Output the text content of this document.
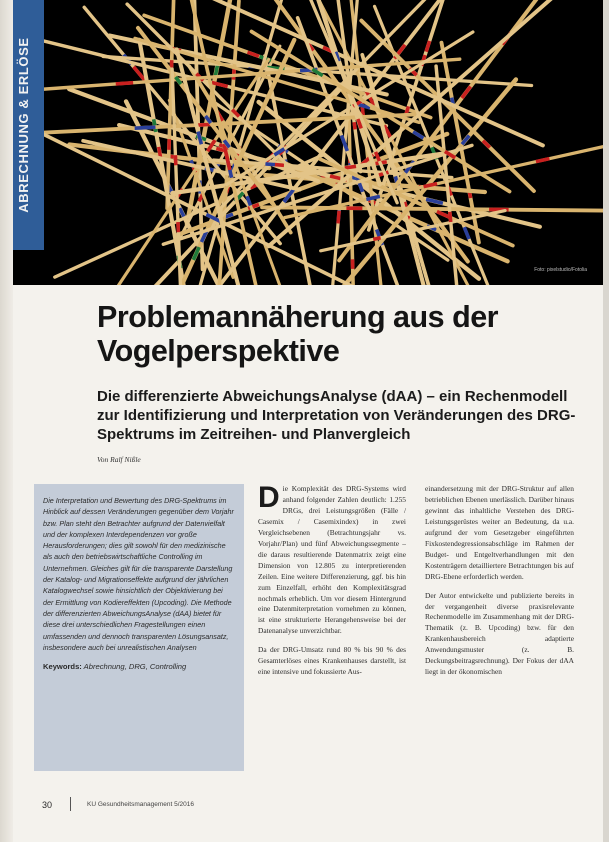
Foto: pixelstudio/Fotolia
ABRECHNUNG & ERLÖSE
Problemannäherung aus der Vogelperspektive
Die differenzierte AbweichungsAnalyse (dAA) – ein Rechenmodell zur Identifizierung und Interpretation von Veränderungen des DRG-Spektrums im Zeitreihen- und Planvergleich
Von Ralf Nißle

Die Interpretation und Bewertung des DRG-Spektrums im Hinblick auf dessen Veränderungen gegenüber dem Vorjahr bzw. Plan steht den Betrachter aufgrund der Datenvielfalt und der komplexen Interdependenzen vor große Herausforderungen; dies gilt sowohl für den medizinische als auch den betriebswirtschaftliche Controlling im Unternehmen. Gleiches gilt für die transparente Darstellung der Katalog- und Migrationseffekte aufgrund der jährlichen Katalogwechsel sowie hinsichtlich der Objektivierung bei der Ermittlung von Kodiereffekten (Upcoding). Die Methode der differenzierten AbweichungsAnalyse (dAA) bietet für diese drei unterschiedlichen Fragestellungen einen umfassenden und dennoch transparenten Lösungsansatz, insbesondere auch bei unrealistischen Analysen

Keywords: Abrechnung, DRG, Controlling

Die Komplexität des DRG-Systems wird anhand folgender Zahlen deutlich: 1.255 DRGs, drei Leistungsgrößen (Fälle / Casemix / Casemixindex) in zwei Vergleichsebenen (Betrachtungsjahr vs. Vorjahr/Plan) und fünf Abweichungssegmente – die daraus resultierende Datenmatrix zeigt eine Dimension von 12.805 zu interpretierenden Zeilen. Eine weitere Differenzierung, ggf. bis hin zum Einzelfall, erhöht den Komplexitätsgrad nochmals erheblich. Um vor diesem Hintergrund eine Datenmiterpretation vornehmen zu können, ist eine strukturierte Herangehensweise bei der Datenanalyse unverzichtbar.

Da der DRG-Umsatz rund 80 % bis 90 % des Gesamterlöses eines Krankenhauses darstellt, ist eine intensive und fokussierte Aus-

einandersetzung mit der DRG-Struktur auf allen betrieblichen Ebenen unerlässlich. Darüber hinaus gewinnt das inhaltliche Verstehen des DRG-Leistungsgerüstes weiter an Bedeutung, da u.a. aufgrund der vom Gesetzgeber eingeführten Fixkostendegressionsabschläge im Rahmen der Budget- und Entgeltverhandlungen mit den Kostenträgern detailliertere Betrachtungen bis auf DRG-Ebene erforderlich werden.

Der Autor entwickelte und publizierte bereits in der vergangenheit diverse praxisrelevante Rechenmodelle im Zusammenhang mit der DRG-Thematik (z. B. Upcoding) bzw. für den Krankenhausbereich adaptierte Anwendungsmuster (z. B. Deckungsbeitragsrechnung). Der Fokus der dAA liegt in der ökonomischen

30	KU Gesundheitsmanagement 5/2016
